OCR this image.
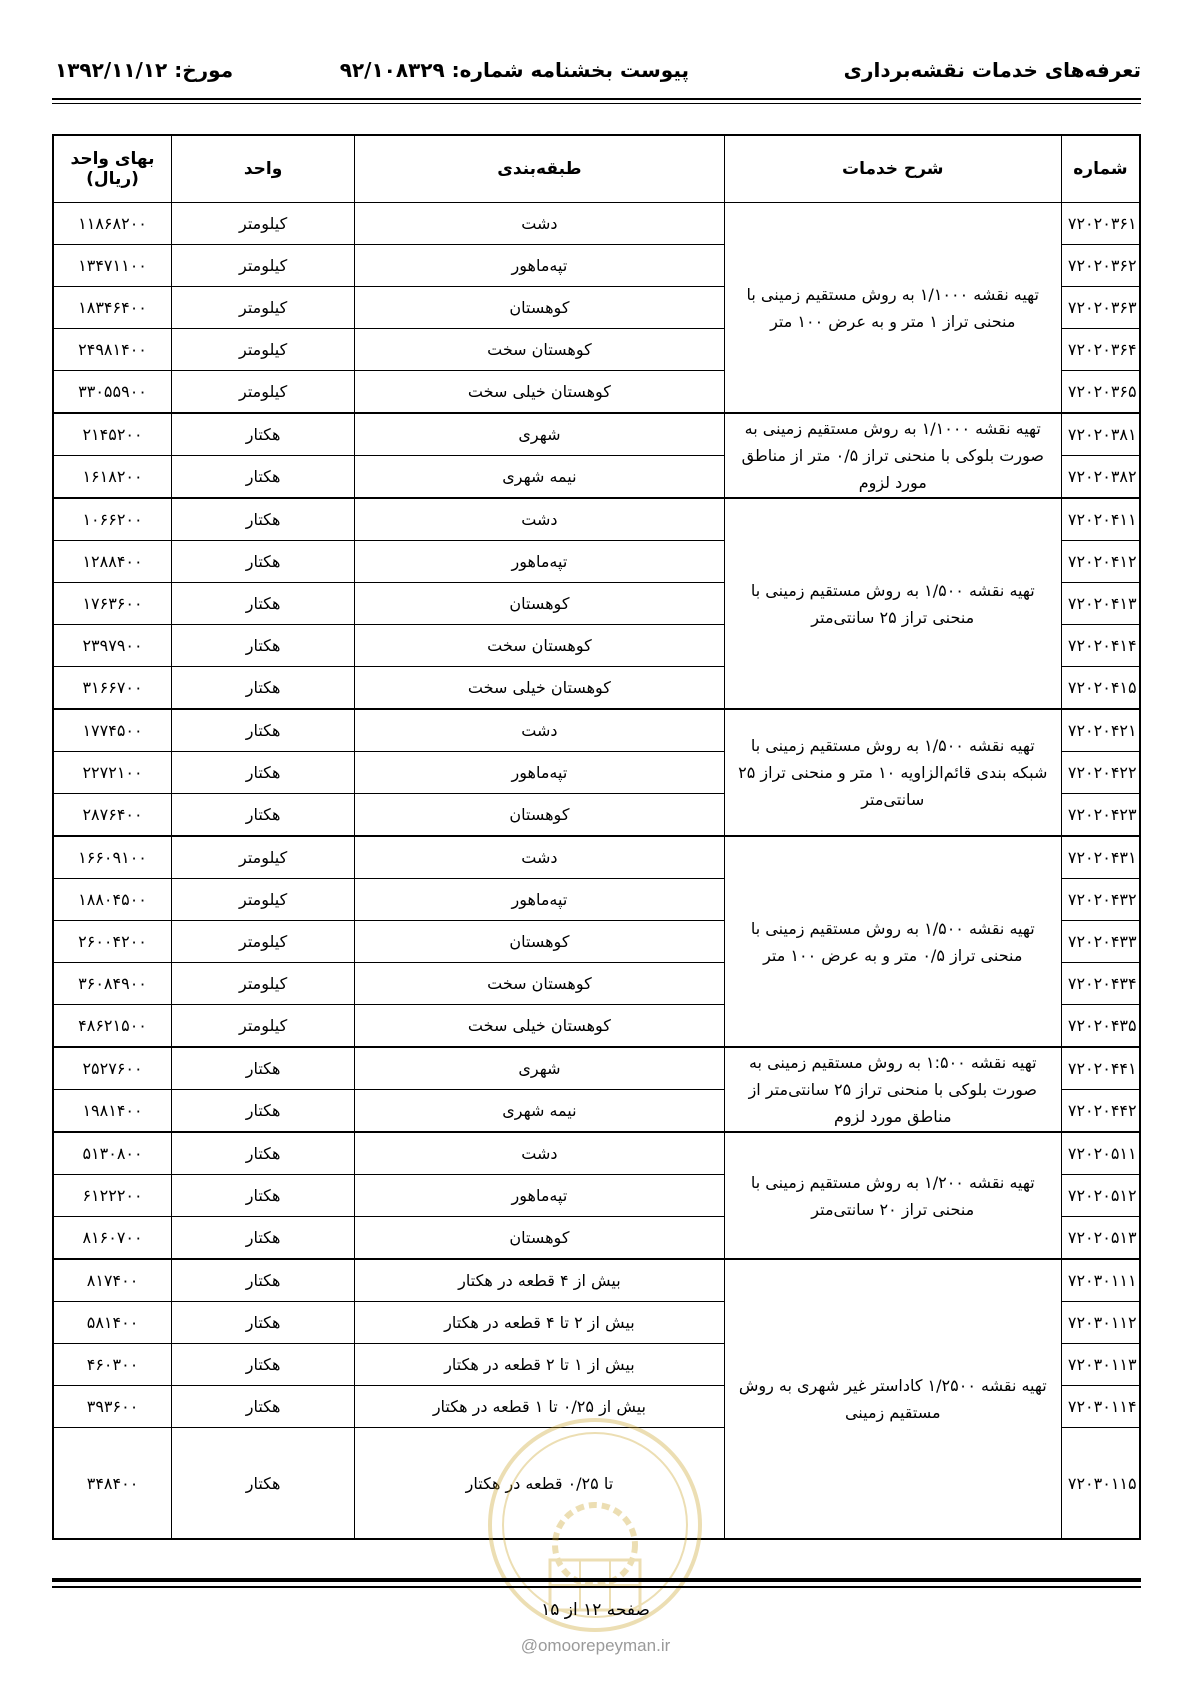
تعرفه‌های خدمات نقشه‌برداری
پیوست بخشنامه شماره: ۹۲/۱۰۸۳۲۹
مورخ: ۱۳۹۲/۱۱/۱۲
شماره	شرح خدمات	طبقه‌بندی	واحد	بهای واحد (ریال)
۷۲۰۲۰۳۶۱	تهیه نقشه ۱/۱۰۰۰ به روش مستقیم زمینی با منحنی تراز ۱ متر و به عرض ۱۰۰ متر	دشت	کیلومتر	۱۱۸۶۸۲۰۰
۷۲۰۲۰۳۶۲		تپه‌ماهور	کیلومتر	۱۳۴۷۱۱۰۰
۷۲۰۲۰۳۶۳		کوهستان	کیلومتر	۱۸۳۴۶۴۰۰
۷۲۰۲۰۳۶۴		کوهستان سخت	کیلومتر	۲۴۹۸۱۴۰۰
۷۲۰۲۰۳۶۵		کوهستان خیلی سخت	کیلومتر	۳۳۰۵۵۹۰۰
۷۲۰۲۰۳۸۱	تهیه نقشه ۱/۱۰۰۰ به روش مستقیم زمینی به صورت بلوکی با منحنی تراز ۰/۵ متر از مناطق مورد لزوم	شهری	هکتار	۲۱۴۵۲۰۰
۷۲۰۲۰۳۸۲		نیمه شهری	هکتار	۱۶۱۸۲۰۰
۷۲۰۲۰۴۱۱	تهیه نقشه ۱/۵۰۰ به روش مستقیم زمینی با منحنی تراز ۲۵ سانتی‌متر	دشت	هکتار	۱۰۶۶۲۰۰
۷۲۰۲۰۴۱۲		تپه‌ماهور	هکتار	۱۲۸۸۴۰۰
۷۲۰۲۰۴۱۳		کوهستان	هکتار	۱۷۶۳۶۰۰
۷۲۰۲۰۴۱۴		کوهستان سخت	هکتار	۲۳۹۷۹۰۰
۷۲۰۲۰۴۱۵		کوهستان خیلی سخت	هکتار	۳۱۶۶۷۰۰
۷۲۰۲۰۴۲۱	تهیه نقشه ۱/۵۰۰ به روش مستقیم زمینی با شبکه بندی قائم‌الزاویه ۱۰ متر و منحنی تراز ۲۵ سانتی‌متر	دشت	هکتار	۱۷۷۴۵۰۰
۷۲۰۲۰۴۲۲		تپه‌ماهور	هکتار	۲۲۷۲۱۰۰
۷۲۰۲۰۴۲۳		کوهستان	هکتار	۲۸۷۶۴۰۰
۷۲۰۲۰۴۳۱	تهیه نقشه ۱/۵۰۰ به روش مستقیم زمینی با منحنی تراز ۰/۵ متر و به عرض ۱۰۰ متر	دشت	کیلومتر	۱۶۶۰۹۱۰۰
۷۲۰۲۰۴۳۲		تپه‌ماهور	کیلومتر	۱۸۸۰۴۵۰۰
۷۲۰۲۰۴۳۳		کوهستان	کیلومتر	۲۶۰۰۴۲۰۰
۷۲۰۲۰۴۳۴		کوهستان سخت	کیلومتر	۳۶۰۸۴۹۰۰
۷۲۰۲۰۴۳۵		کوهستان خیلی سخت	کیلومتر	۴۸۶۲۱۵۰۰
۷۲۰۲۰۴۴۱	تهیه نقشه ۱:۵۰۰ به روش مستقیم زمینی به صورت بلوکی با منحنی تراز ۲۵ سانتی‌متر از مناطق مورد لزوم	شهری	هکتار	۲۵۲۷۶۰۰
۷۲۰۲۰۴۴۲		نیمه شهری	هکتار	۱۹۸۱۴۰۰
۷۲۰۲۰۵۱۱	تهیه نقشه ۱/۲۰۰ به روش مستقیم زمینی با منحنی تراز ۲۰ سانتی‌متر	دشت	هکتار	۵۱۳۰۸۰۰
۷۲۰۲۰۵۱۲		تپه‌ماهور	هکتار	۶۱۲۲۲۰۰
۷۲۰۲۰۵۱۳		کوهستان	هکتار	۸۱۶۰۷۰۰
۷۲۰۳۰۱۱۱	تهیه نقشه ۱/۲۵۰۰ کاداستر غیر شهری به روش مستقیم زمینی	بیش از ۴ قطعه در هکتار	هکتار	۸۱۷۴۰۰
۷۲۰۳۰۱۱۲		بیش از ۲ تا ۴ قطعه در هکتار	هکتار	۵۸۱۴۰۰
۷۲۰۳۰۱۱۳		بیش از ۱ تا ۲ قطعه در هکتار	هکتار	۴۶۰۳۰۰
۷۲۰۳۰۱۱۴		بیش از ۰/۲۵ تا ۱ قطعه در هکتار	هکتار	۳۹۳۶۰۰
۷۲۰۳۰۱۱۵		تا ۰/۲۵ قطعه در هکتار	هکتار	۳۴۸۴۰۰
صفحه ۱۲ از ۱۵
@omoorepeyman.ir
